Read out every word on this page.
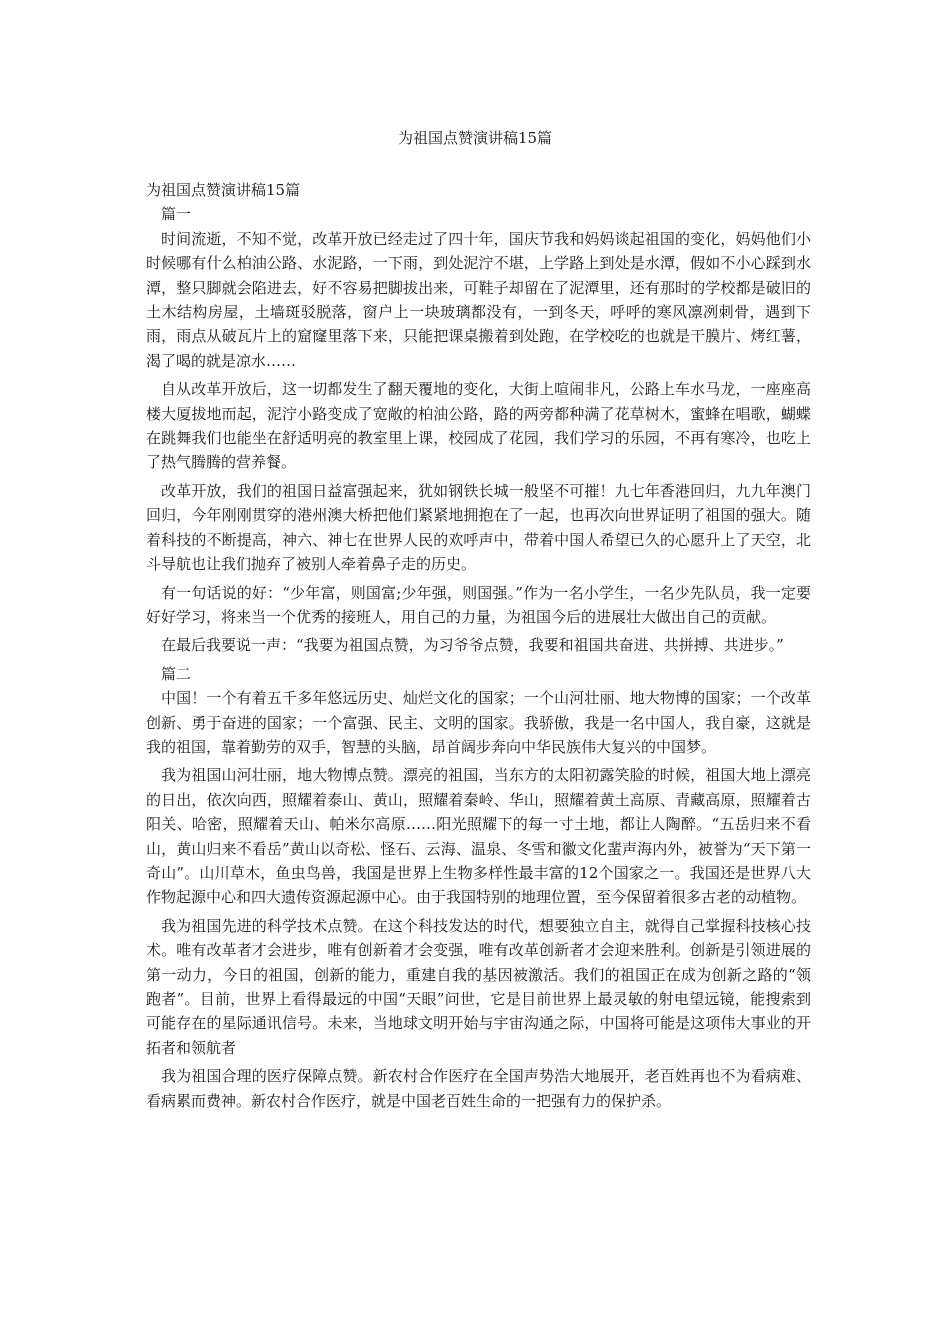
为祖国点赞演讲稿15篇

为祖国点赞演讲稿15篇

篇一

时间流逝，不知不觉，改革开放已经走过了四十年，国庆节我和妈妈谈起祖国的变化，妈妈他们小时候哪有什么柏油公路、水泥路，一下雨，到处泥泞不堪，上学路上到处是水潭，假如不小心踩到水潭，整只脚就会陷进去，好不容易把脚拔出来，可鞋子却留在了泥潭里，还有那时的学校都是破旧的土木结构房屋，土墙斑驳脱落，窗户上一块玻璃都没有，一到冬天，呼呼的寒风凛冽刺骨，遇到下雨，雨点从破瓦片上的窟窿里落下来，只能把课桌搬着到处跑，在学校吃的也就是干膜片、烤红薯，渴了喝的就是凉水……

自从改革开放后，这一切都发生了翻天覆地的变化，大街上喧闹非凡，公路上车水马龙，一座座高楼大厦拔地而起，泥泞小路变成了宽敞的柏油公路，路的两旁都种满了花草树木，蜜蜂在唱歌，蝴蝶在跳舞我们也能坐在舒适明亮的教室里上课，校园成了花园，我们学习的乐园，不再有寒冷，也吃上了热气腾腾的营养餐。

改革开放，我们的祖国日益富强起来，犹如钢铁长城一般坚不可摧！九七年香港回归，九九年澳门回归，今年刚刚贯穿的港州澳大桥把他们紧紧地拥抱在了一起，也再次向世界证明了祖国的强大。随着科技的不断提高，神六、神七在世界人民的欢呼声中，带着中国人希望已久的心愿升上了天空，北斗导航也让我们抛弃了被别人牵着鼻子走的历史。

有一句话说的好：“少年富，则国富;少年强，则国强。”作为一名小学生，一名少先队员，我一定要好好学习，将来当一个优秀的接班人，用自己的力量，为祖国今后的进展壮大做出自己的贡献。

在最后我要说一声：“我要为祖国点赞，为习爷爷点赞，我要和祖国共奋进、共拼搏、共进步。”

篇二

中国！一个有着五千多年悠远历史、灿烂文化的国家；一个山河壮丽、地大物博的国家；一个改革创新、勇于奋进的国家；一个富强、民主、文明的国家。我骄傲，我是一名中国人，我自豪，这就是我的祖国，靠着勤劳的双手，智慧的头脑，昂首阔步奔向中华民族伟大复兴的中国梦。

我为祖国山河壮丽，地大物博点赞。漂亮的祖国，当东方的太阳初露笑脸的时候，祖国大地上漂亮的日出，依次向西，照耀着泰山、黄山，照耀着秦岭、华山，照耀着黄土高原、青藏高原，照耀着古阳关、哈密，照耀着天山、帕米尔高原……阳光照耀下的每一寸土地，都让人陶醉。“五岳归来不看山，黄山归来不看岳”黄山以奇松、怪石、云海、温泉、冬雪和徽文化蜚声海内外，被誉为“天下第一奇山”。山川草木，鱼虫鸟兽，我国是世界上生物多样性最丰富的12个国家之一。我国还是世界八大作物起源中心和四大遗传资源起源中心。由于我国特别的地理位置，至今保留着很多古老的动植物。

我为祖国先进的科学技术点赞。在这个科技发达的时代，想要独立自主，就得自己掌握科技核心技术。唯有改革者才会进步，唯有创新着才会变强，唯有改革创新者才会迎来胜利。创新是引领进展的第一动力，今日的祖国，创新的能力，重建自我的基因被激活。我们的祖国正在成为创新之路的“领跑者”。目前，世界上看得最远的中国“天眼”问世，它是目前世界上最灵敏的射电望远镜，能搜索到可能存在的星际通讯信号。未来，当地球文明开始与宇宙沟通之际，中国将可能是这项伟大事业的开拓者和领航者

我为祖国合理的医疗保障点赞。新农村合作医疗在全国声势浩大地展开，老百姓再也不为看病难、看病累而费神。新农村合作医疗，就是中国老百姓生命的一把强有力的保护杀。
